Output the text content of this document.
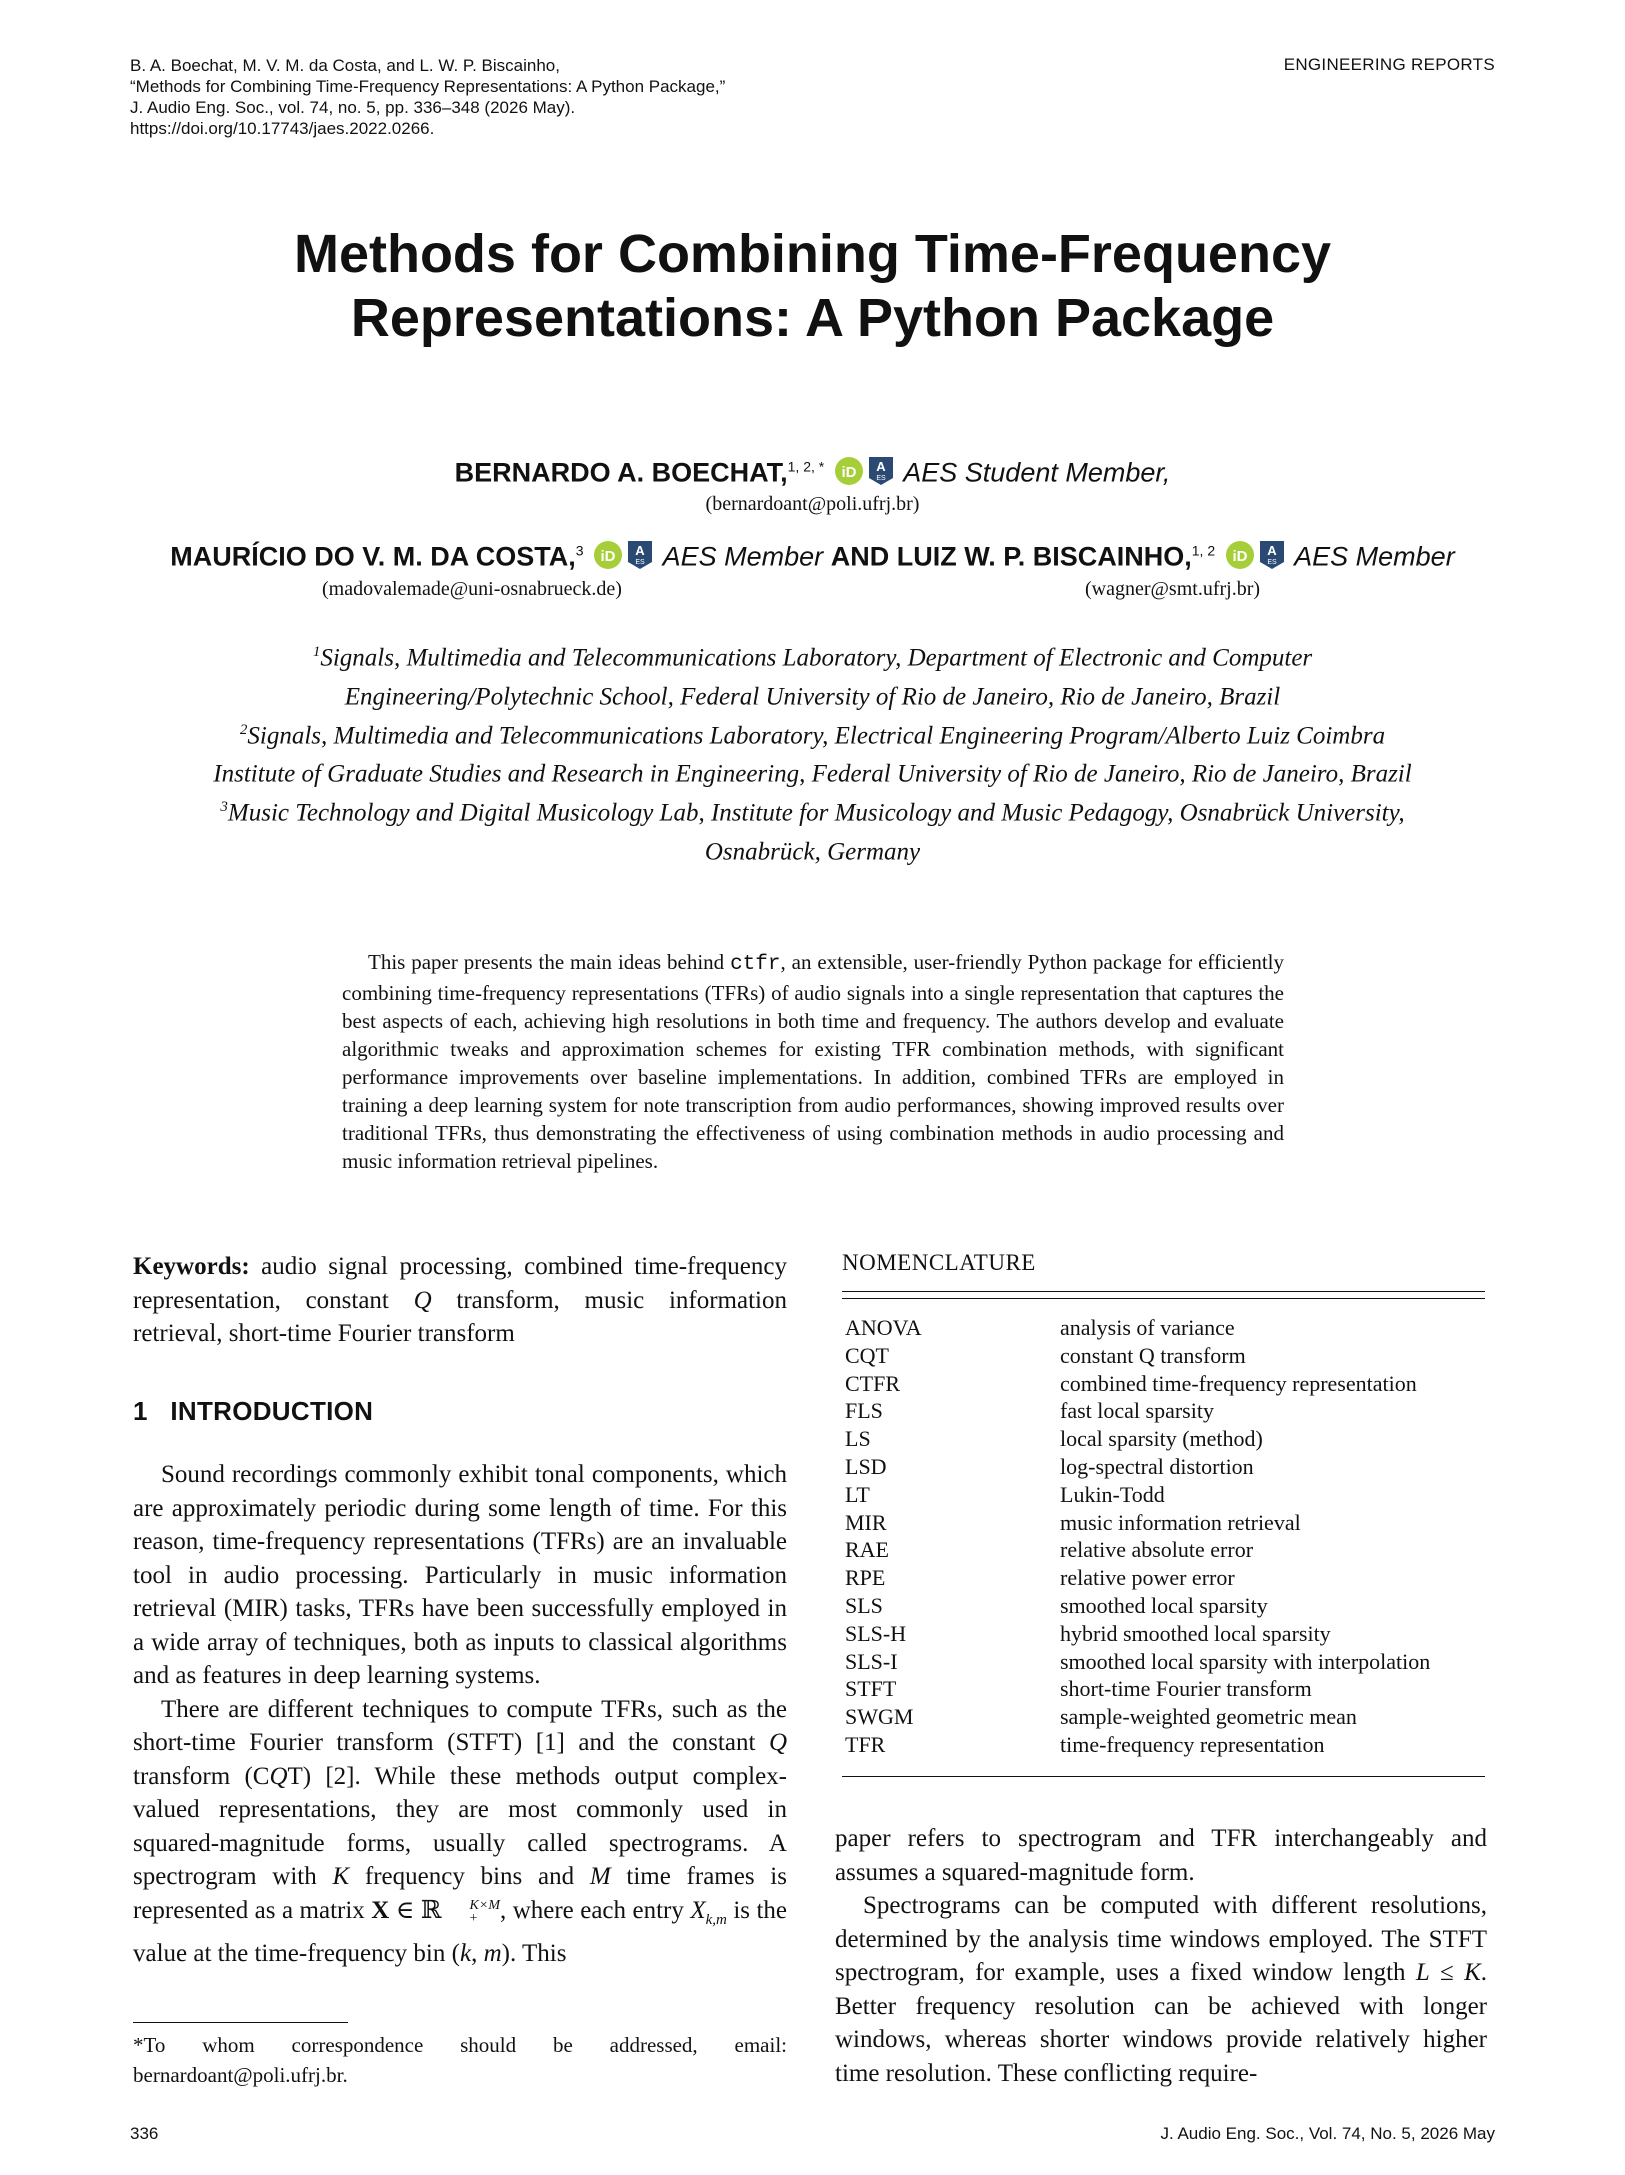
B. A. Boechat, M. V. M. da Costa, and L. W. P. Biscainho,
“Methods for Combining Time-Frequency Representations: A Python Package,”
J. Audio Eng. Soc., vol. 74, no. 5, pp. 336–348 (2026 May).
https://doi.org/10.17743/jaes.2022.0266.
ENGINEERING REPORTS
Methods for Combining Time-Frequency
Representations: A Python Package
BERNARDO A. BOECHAT,$^{1, 2, *}$ iD A
ES AES Student Member,
(bernardoant@poli.ufrj.br)
MAURÍCIO DO V. M. DA COSTA,$^3$ iD A
ES AES Member AND LUIZ W. P. BISCAINHO,$^{1, 2}$ iD A
ES AES Member
(madovalemade@uni-osnabrueck.de)	(wagner@smt.ufrj.br)
$^1$Signals, Multimedia and Telecommunications Laboratory, Department of Electronic and Computer
Engineering/Polytechnic School, Federal University of Rio de Janeiro, Rio de Janeiro, Brazil
$^2$Signals, Multimedia and Telecommunications Laboratory, Electrical Engineering Program/Alberto Luiz Coimbra
Institute of Graduate Studies and Research in Engineering, Federal University of Rio de Janeiro, Rio de Janeiro, Brazil
$^3$Music Technology and Digital Musicology Lab, Institute for Musicology and Music Pedagogy, Osnabrück University,
Osnabrück, Germany
This paper presents the main ideas behind ctfr, an extensible, user-friendly Python package for efficiently combining time-frequency representations (TFRs) of audio signals into a single representation that captures the best aspects of each, achieving high resolutions in both time and frequency. The authors develop and evaluate algorithmic tweaks and approximation schemes for existing TFR combination methods, with significant performance improvements over baseline implementations. In addition, combined TFRs are employed in training a deep learning system for note transcription from audio performances, showing improved results over traditional TFRs, thus demonstrating the effectiveness of using combination methods in audio processing and music information retrieval pipelines.
Keywords: audio signal processing, combined time-frequency representation, constant Q transform, music information retrieval, short-time Fourier transform
1 INTRODUCTION

Sound recordings commonly exhibit tonal components, which are approximately periodic during some length of time. For this reason, time-frequency representations (TFRs) are an invaluable tool in audio processing. Particularly in music information retrieval (MIR) tasks, TFRs have been successfully employed in a wide array of techniques, both as inputs to classical algorithms and as features in deep learning systems.

There are different techniques to compute TFRs, such as the short-time Fourier transform (STFT) [1] and the constant Q transform (CQT) [2]. While these methods output complex-valued representations, they are most commonly used in squared-magnitude forms, usually called spectrograms. A spectrogram with K frequency bins and M time frames is represented as a matrix X ∈ ℝ	K×M
+ , where each entry $X_{k,m}$ is the value at the time-frequency bin (k, m). This

NOMENCLATURE
ANOVA	analysis of variance
CQT	constant Q transform
CTFR	combined time-frequency representation
FLS	fast local sparsity
LS	local sparsity (method)
LSD	log-spectral distortion
LT	Lukin-Todd
MIR	music information retrieval
RAE	relative absolute error
RPE	relative power error
SLS	smoothed local sparsity
SLS-H	hybrid smoothed local sparsity
SLS-I	smoothed local sparsity with interpolation
STFT	short-time Fourier transform
SWGM	sample-weighted geometric mean
TFR	time-frequency representation

paper refers to spectrogram and TFR interchangeably and assumes a squared-magnitude form.

Spectrograms can be computed with different resolutions, determined by the analysis time windows employed. The STFT spectrogram, for example, uses a fixed window length L ≤ K. Better frequency resolution can be achieved with longer windows, whereas shorter windows provide relatively higher time resolution. These conflicting require-

*To whom correspondence should be addressed, email: bernardoant@poli.ufrj.br.
336	J. Audio Eng. Soc., Vol. 74, No. 5, 2026 May
